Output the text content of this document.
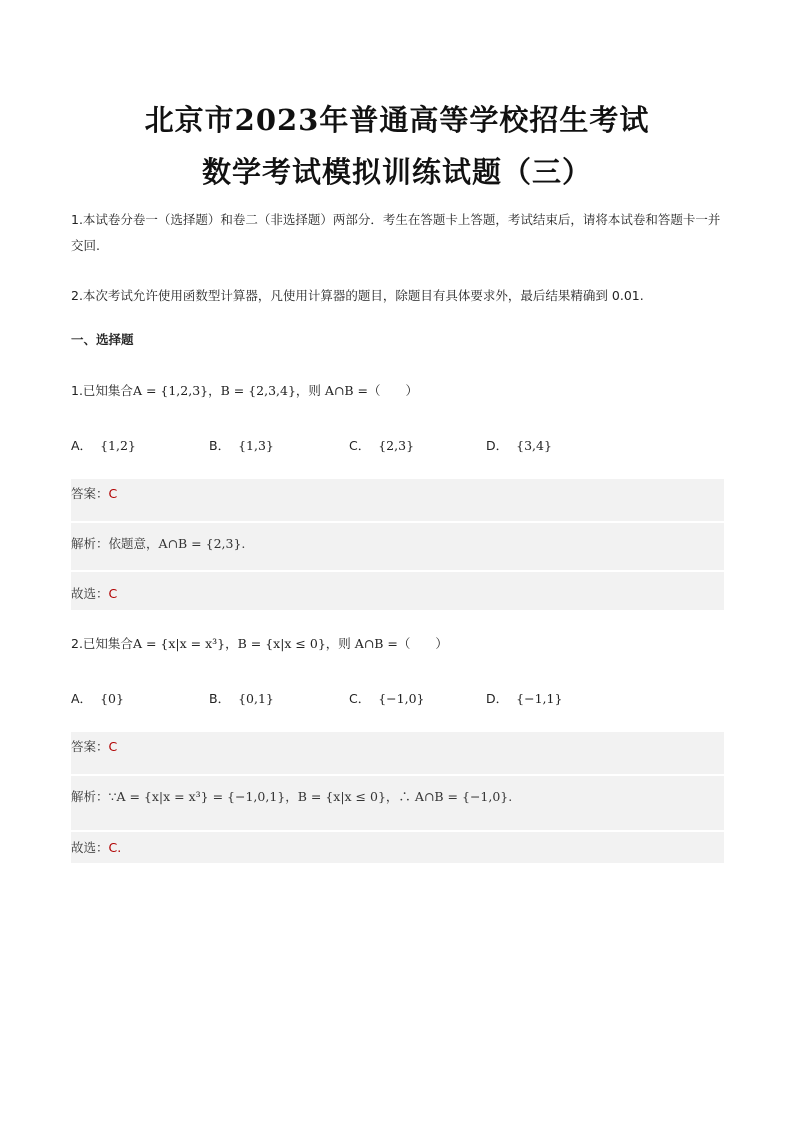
北京市2023年普通高等学校招生考试
数学考试模拟训练试题（三）
1.本试卷分卷一（选择题）和卷二（非选择题）两部分．考生在答题卡上答题，考试结束后，请将本试卷和答题卡一并交回.
2.本次考试允许使用函数型计算器，凡使用计算器的题目，除题目有具体要求外，最后结果精确到 0.01.
一、选择题
1.已知集合A = {1,2,3}，B = {2,3,4}，则 A∩B =（　　）
A． {1,2}	B． {1,3}	C． {2,3}	D． {3,4}
答案：C
解析：依题意，A∩B = {2,3}.
故选：C
2.已知集合A = {x|x = x³}，B = {x|x ≤ 0}，则 A∩B =（　　）
A． {0}	B． {0,1}	C． {−1,0}	D． {−1,1}
答案：C
解析：∵A = {x|x = x³} = {−1,0,1}，B = {x|x ≤ 0}，∴ A∩B = {−1,0}.
故选：C.
